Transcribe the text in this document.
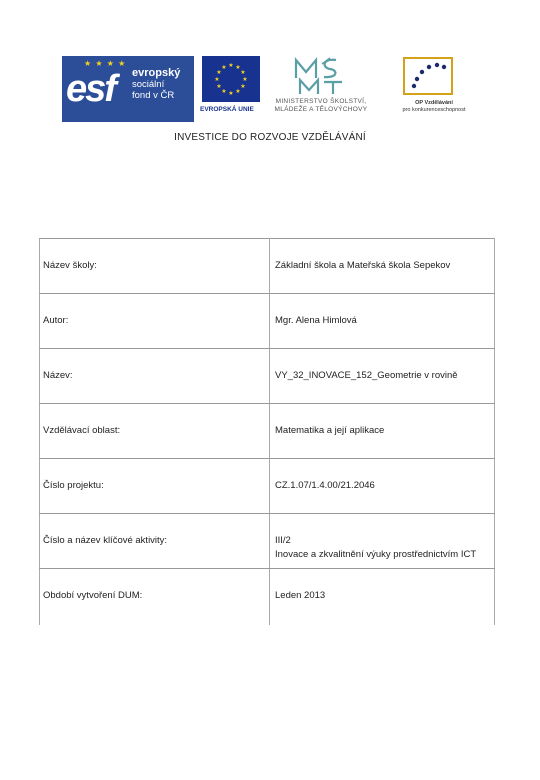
★ ★ ★ ★
esf evropský
sociální
fond v ČR
★ ★
★
★
★
★
★
★
★
★
★
★
EVROPSKÁ UNIE
MINISTERSTVO ŠKOLSTVÍ,
MLÁDEŽE A TĚLOVÝCHOVY
OP Vzdělávání
pro konkurenceschopnost
INVESTICE DO ROZVOJE VZDĚLÁVÁNÍ
Název školy:	Základní škola a Mateřská škola Sepekov
Autor:	Mgr. Alena Himlová
Název:	VY_32_INOVACE_152_Geometrie v rovině
Vzdělávací oblast:	Matematika a její aplikace
Číslo projektu:	CZ.1.07/1.4.00/21.2046
Číslo a název klíčové aktivity:	III/2
Inovace a zkvalitnění výuky prostřednictvím ICT

Období vytvoření DUM:	Leden 2013
